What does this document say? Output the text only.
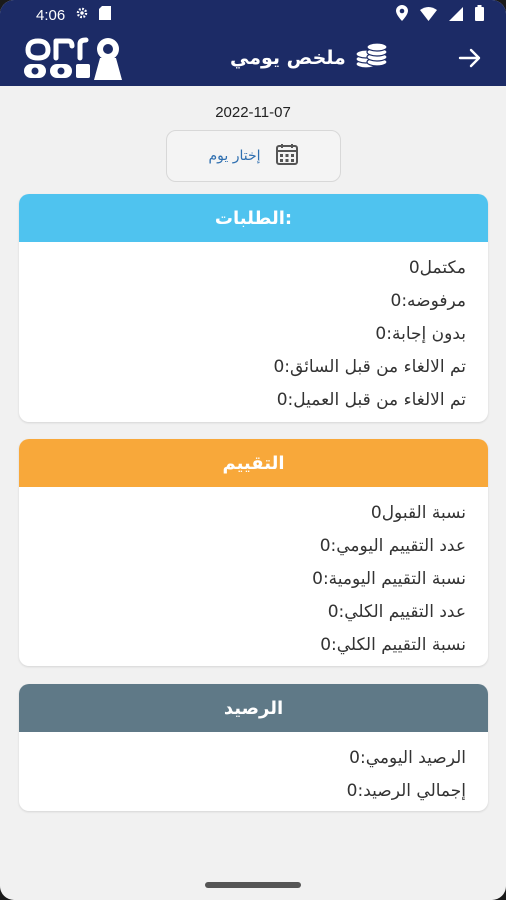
4:06
ملخص يومي
2022-11-07
إختار يوم
الطلبات:
مكتمل0
مرفوضه:0
بدون إجابة:0
تم الالغاء من قبل السائق:0
تم الالغاء من قبل العميل:0
التقييم
نسبة القبول0
عدد التقييم اليومي:0
نسبة التقييم اليومية:0
عدد التقييم الكلي:0
نسبة التقييم الكلي:0
الرصيد
الرصيد اليومي:0
إجمالي الرصيد:0
